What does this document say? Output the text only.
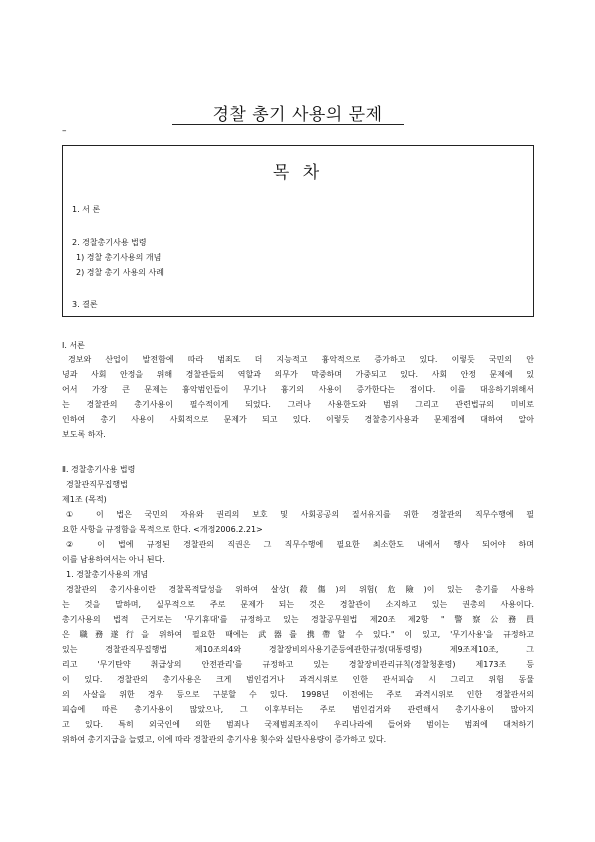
경찰 총기 사용의 문제
–
목 차
1. 서 론
2. 경찰총기사용 법령
1) 경찰 총기사용의 개념
2) 경찰 총기 사용의 사례
3. 결론
Ⅰ. 서론
경보와 산업이 발전함에 따라 범죄도 더 지능적고 흉악적으로 증가하고 있다. 이렇듯 국민의 안
녕과 사회 안정을 위해 경찰관들의 역할과 의무가 막중하며 가중되고 있다. 사회 안정 문제에 있
어서 가장 큰 문제는 흉악범인들이 무기나 흉기의 사용이 증가한다는 점이다. 이를 대응하기위해서
는 경찰관의 총기사용이 필수적이게 되었다. 그러나 사용한도와 범위 그리고 관련법규의 미비로
인하여 총기 사용이 사회적으로 문제가 되고 있다. 이렇듯 경찰총기사용과 문제점에 대하여 알아
보도록 하자.
Ⅱ. 경찰총기사용 법령
경찰관직무집행법
제1조 (목적)
① 이 법은 국민의 자유와 권리의 보호 및 사회공공의 질서유지를 위한 경찰관의 직무수행에 필
요한 사항을 규정함을 목적으로 한다. <개정2006.2.21>
② 이 법에 규정된 경찰관의 직권은 그 직무수행에 필요한 최소한도 내에서 행사 되어야 하며
이를 남용하여서는 아니 된다.
1. 경찰총기사용의 개념
경찰관의 총기사용이란 경찰목적달성을 위하여 살상(殺傷)의 위험(危險)이 있는 총기를 사용하
는 것을 말하며, 실무적으로 주로 문제가 되는 것은 경찰관이 소지하고 있는 권총의 사용이다.
총기사용의 법적 근거로는 '무기휴대'를 규정하고 있는 경찰공무원법 제20조 제2항 "警察公務員
은 職務遂行을 위하여 필요한 때에는 武器를 携帶할 수 있다." 이 있고, '무기사용'을 규정하고
있는 경찰관직무집행법 제10조의4와 경찰장비의사용기준등에관한규정(대통령령) 제9조제10조, 그
리고 '무기탄약 취급상의 안전관리'를 규정하고 있는 경찰장비관리규칙(경찰청훈령) 제173조 등
이 있다. 경찰관의 총기사용은 크게 범인검거나 과격시위로 인한 관서피습 시 그리고 위험 동물
의 사살을 위한 경우 등으로 구분할 수 있다. 1998년 이전에는 주로 과격시위로 인한 경찰관서의
피습에 따른 총기사용이 많았으나, 그 이후부터는 주로 범인검거와 관련해서 총기사용이 많아지
고 있다. 특히 외국인에 의한 범죄나 국제범죄조직이 우리나라에 들어와 범이는 범죄에 대처하기
위하여 총기지급을 늘렸고, 이에 따라 경찰관의 총기사용 횟수와 실탄사용량이 증가하고 있다.
